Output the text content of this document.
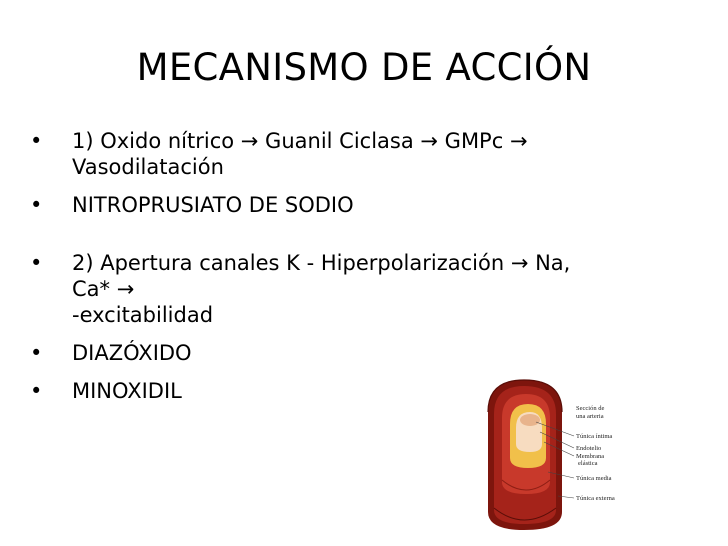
MECANISMO DE ACCIÓN
• 1) Oxido nítrico → Guanil Ciclasa → GMPc →
Vasodilatación
• NITROPRUSIATO DE SODIO
• 2) Apertura canales K - Hiperpolarización → Na,
Ca* →
-excitabilidad
• DIAZÓXIDO
• MINOXIDIL
Sección de
una arteria
Túnica íntima
Endotelio
Membrana
elástica
Túnica media
Túnica externa
